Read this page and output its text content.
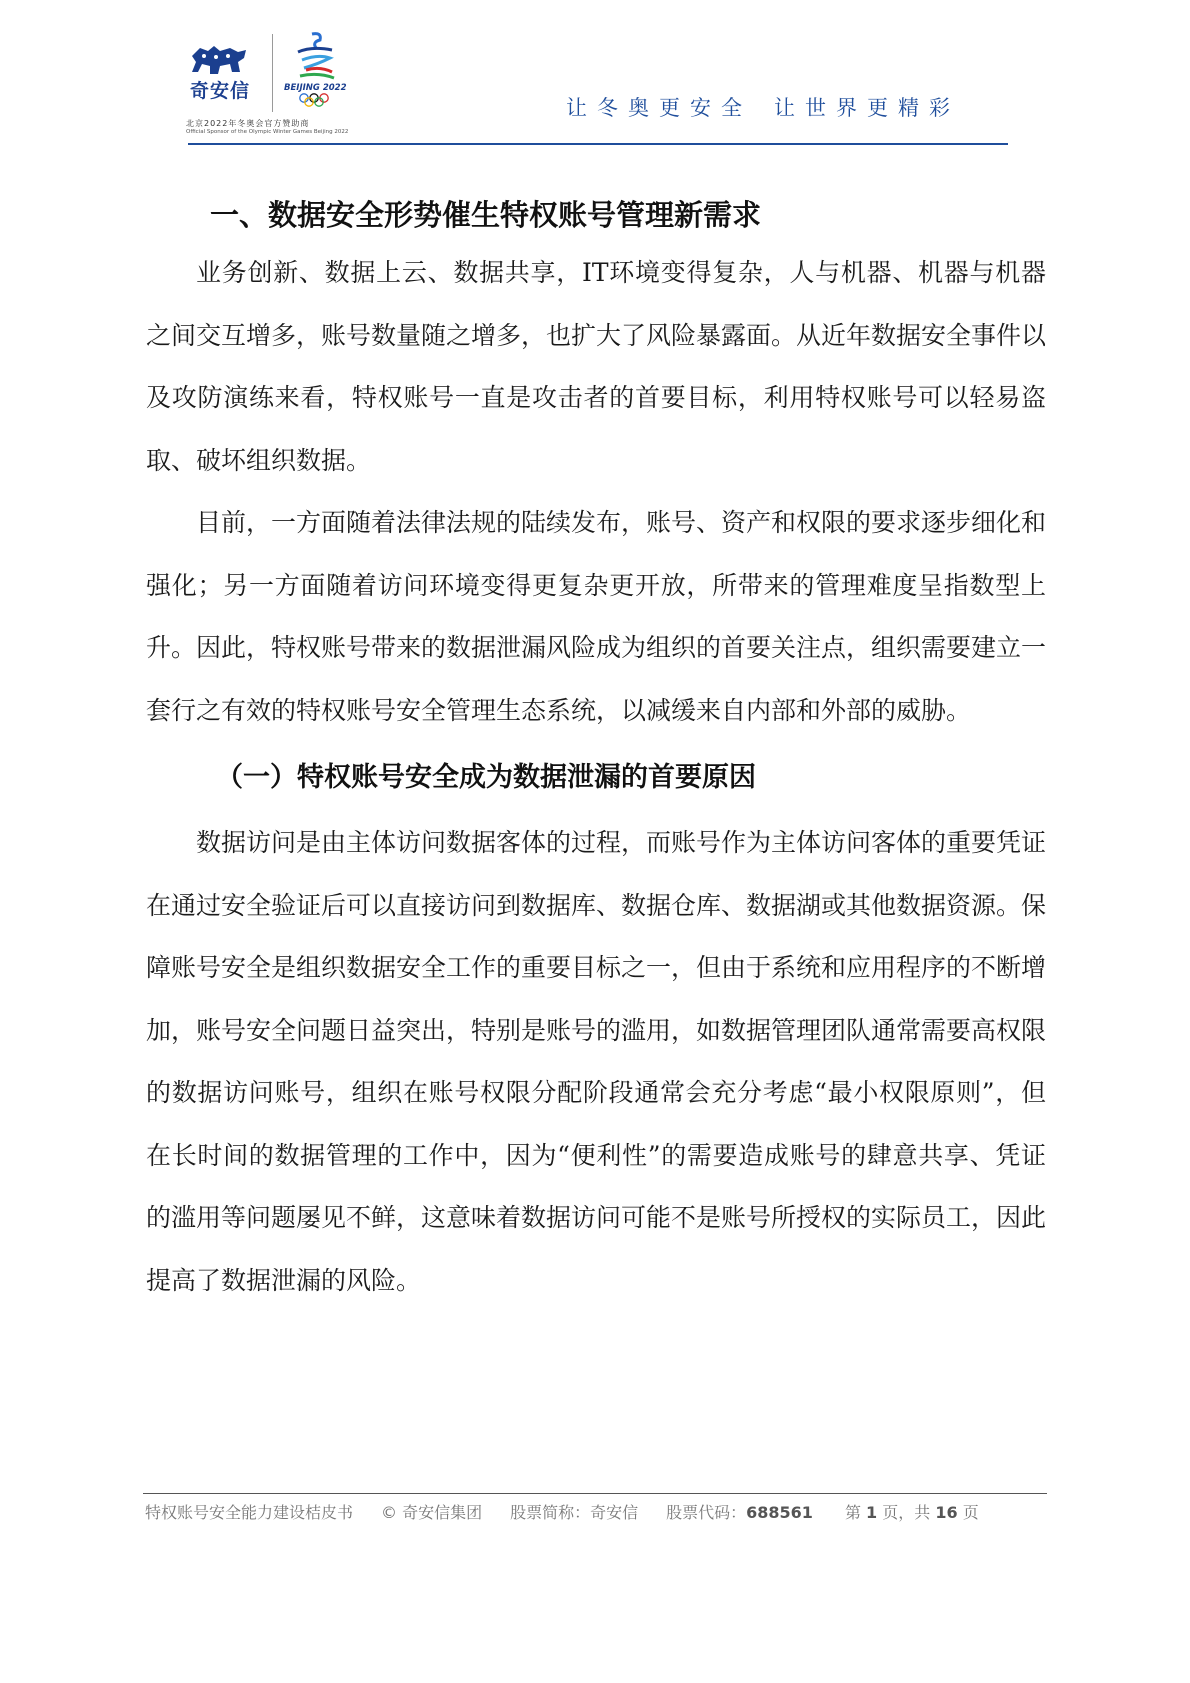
奇安信	BEIJING 2022
北京2022年冬奥会官方赞助商
Official Sponsor of the Olympic Winter Games Beijing 2022
让冬奥更安全 让世界更精彩
一、数据安全形势催生特权账号管理新需求

业务创新、数据上云、数据共享，IT环境变得复杂，人与机器、机器与机器之间交互增多，账号数量随之增多，也扩大了风险暴露面。从近年数据安全事件以及攻防演练来看，特权账号一直是攻击者的首要目标，利用特权账号可以轻易盗取、破坏组织数据。

目前，一方面随着法律法规的陆续发布，账号、资产和权限的要求逐步细化和强化；另一方面随着访问环境变得更复杂更开放，所带来的管理难度呈指数型上升。因此，特权账号带来的数据泄漏风险成为组织的首要关注点，组织需要建立一套行之有效的特权账号安全管理生态系统，以减缓来自内部和外部的威胁。

（一）特权账号安全成为数据泄漏的首要原因

数据访问是由主体访问数据客体的过程，而账号作为主体访问客体的重要凭证在通过安全验证后可以直接访问到数据库、数据仓库、数据湖或其他数据资源。保障账号安全是组织数据安全工作的重要目标之一，但由于系统和应用程序的不断增加，账号安全问题日益突出，特别是账号的滥用，如数据管理团队通常需要高权限的数据访问账号，组织在账号权限分配阶段通常会充分考虑“最小权限原则”，但在长时间的数据管理的工作中，因为“便利性”的需要造成账号的肆意共享、凭证的滥用等问题屡见不鲜，这意味着数据访问可能不是账号所授权的实际员工，因此提高了数据泄漏的风险。

特权账号安全能力建设桔皮书 © 奇安信集团 股票简称：奇安信 股票代码：688561 第 1 页，共 16 页
